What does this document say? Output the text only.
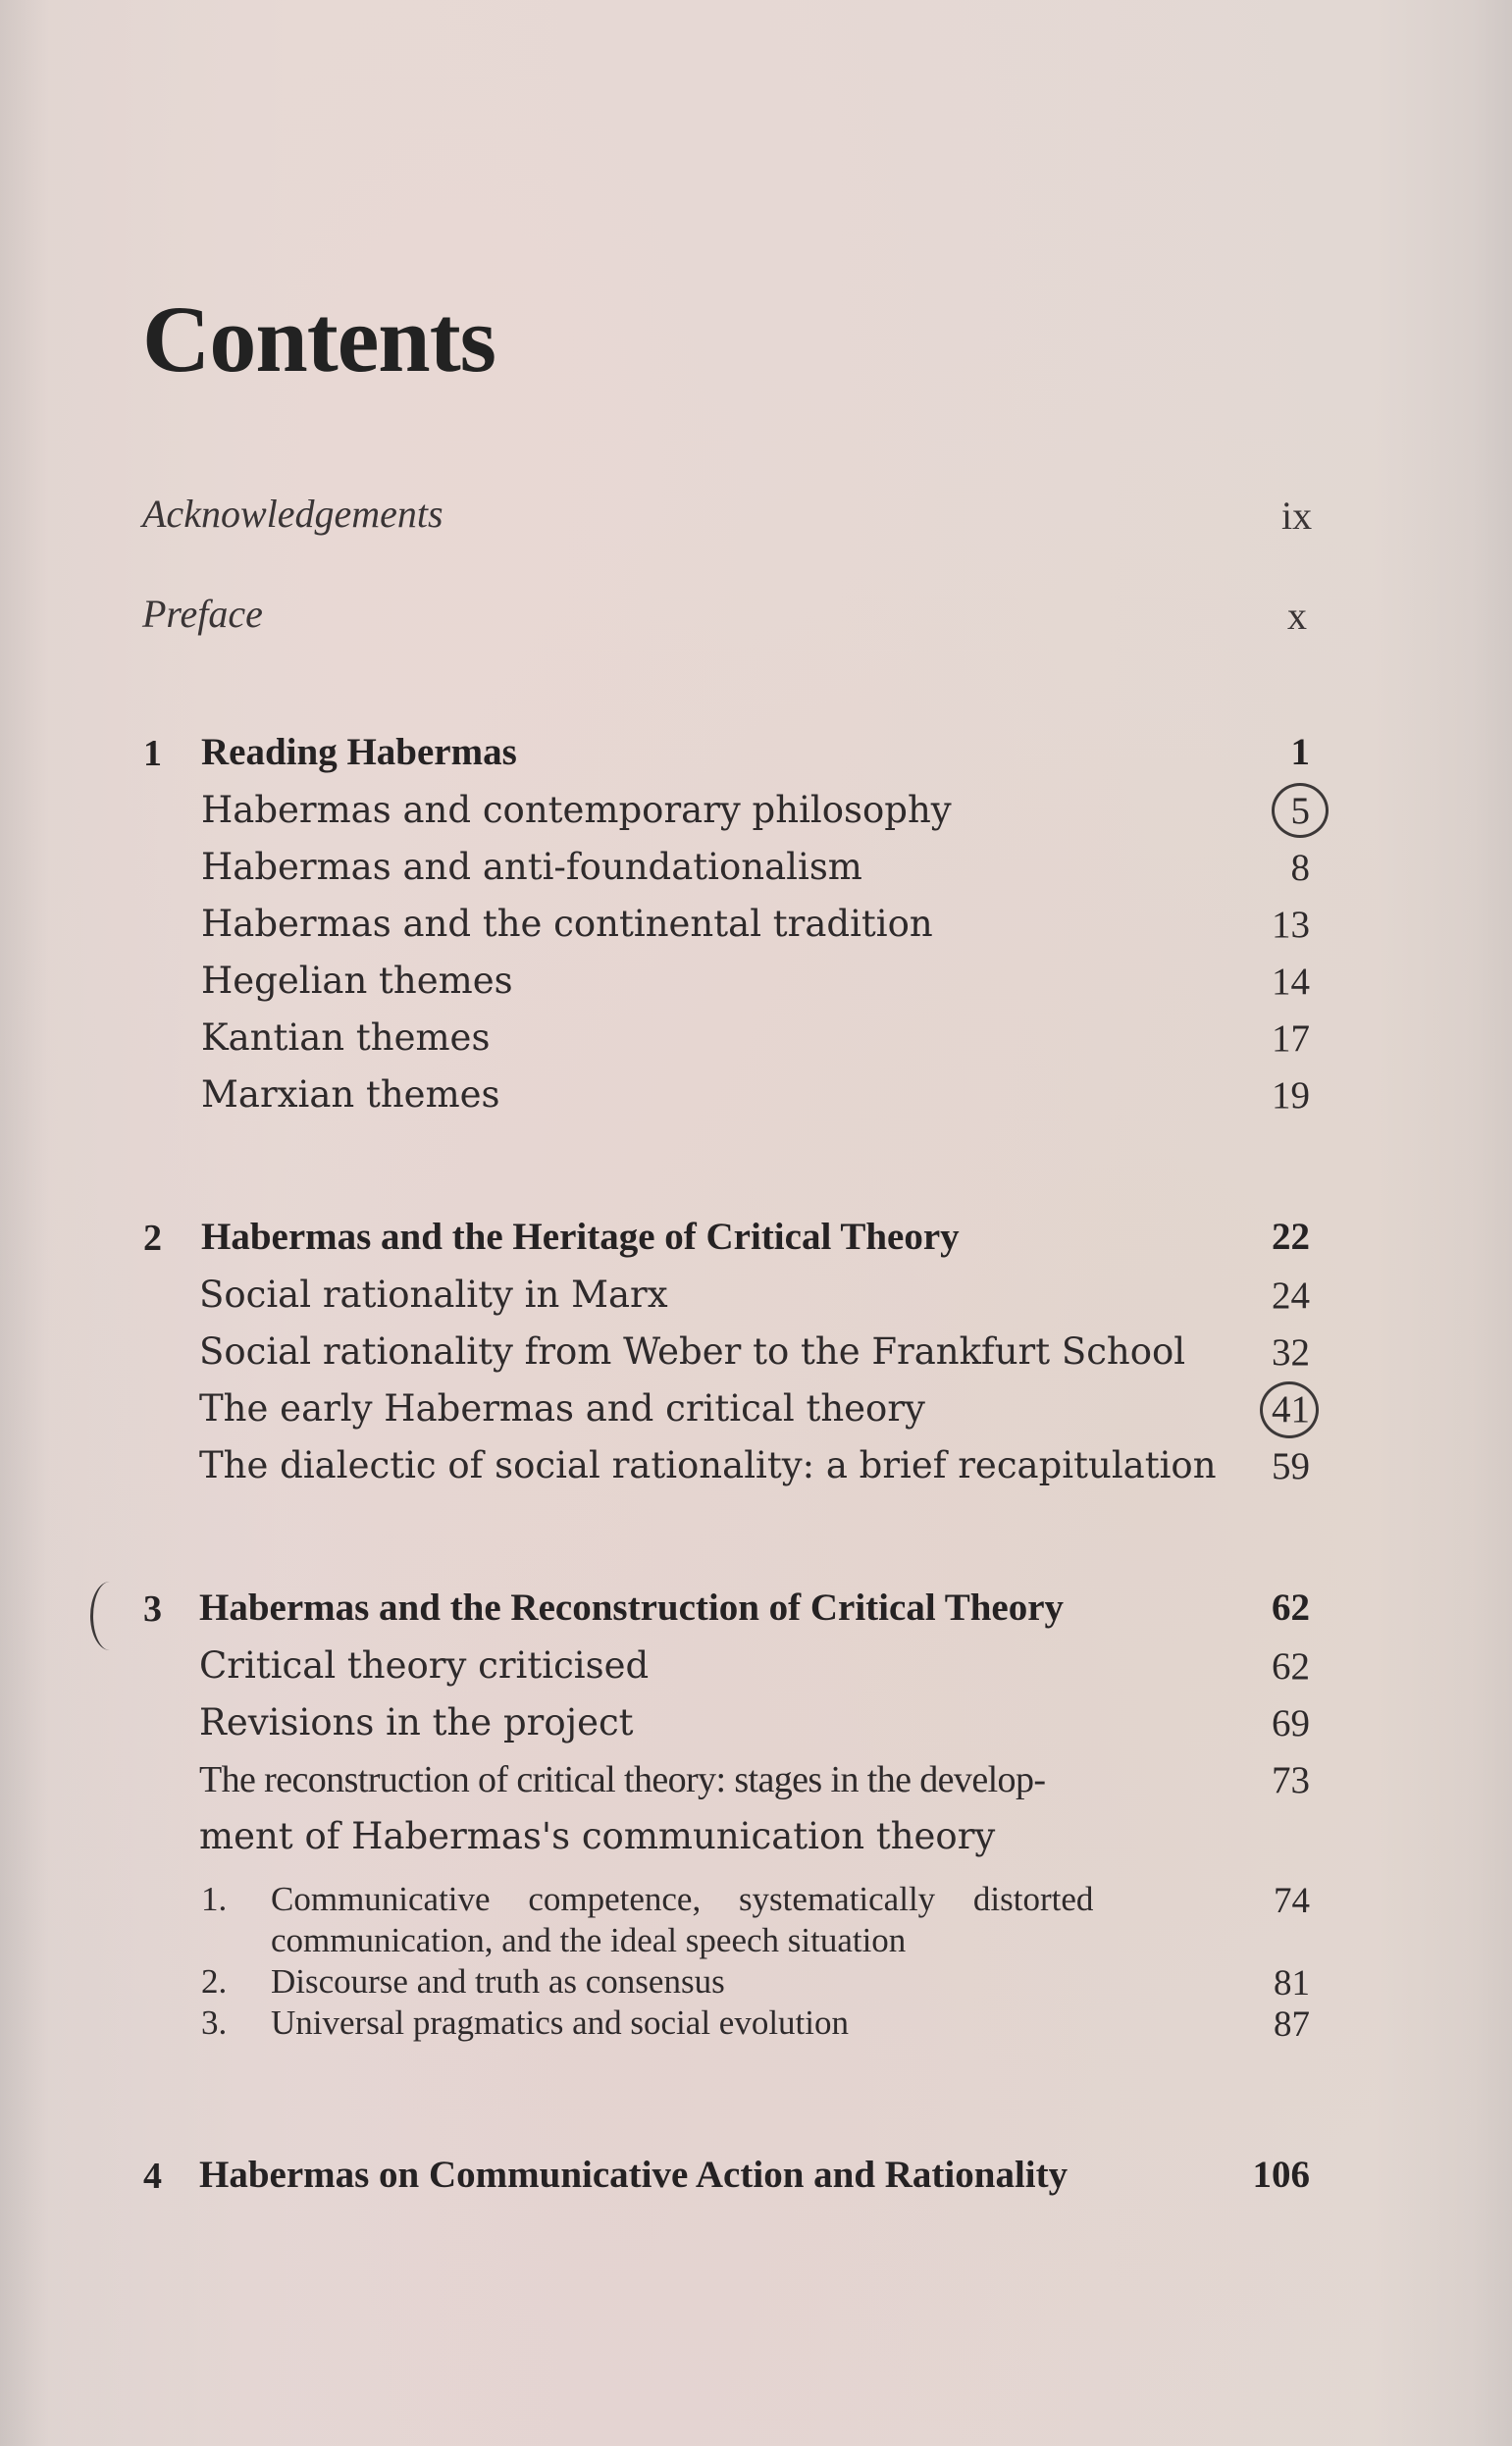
Contents
Acknowledgements	ix
Preface	x
1 Reading Habermas	1
Habermas and contemporary philosophy	5
Habermas and anti-foundationalism	8
Habermas and the continental tradition	13
Hegelian themes	14
Kantian themes	17
Marxian themes	19
2 Habermas and the Heritage of Critical Theory	22
Social rationality in Marx	24
Social rationality from Weber to the Frankfurt School	32
The early Habermas and critical theory	41
The dialectic of social rationality: a brief recapitulation	59
3 Habermas and the Reconstruction of Critical Theory	62
Critical theory criticised	62
Revisions in the project	69
The reconstruction of critical theory: stages in the develop-	73
ment of Habermas's communication theory
1. Communicative competence, systematically distorted	74
communication, and the ideal speech situation
2. Discourse and truth as consensus	81
3. Universal pragmatics and social evolution	87
4 Habermas on Communicative Action and Rationality	106
